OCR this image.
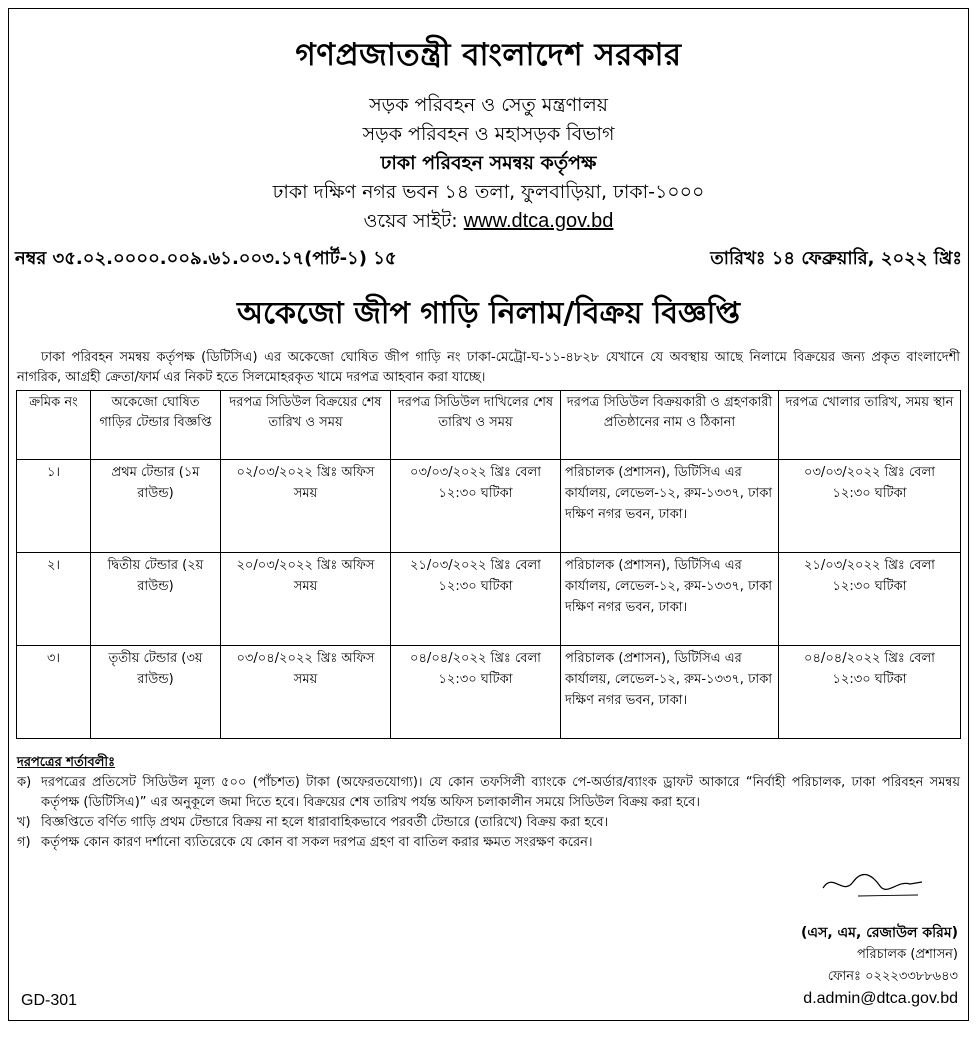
গণপ্রজাতন্ত্রী বাংলাদেশ সরকার
সড়ক পরিবহন ও সেতু মন্ত্রণালয়
সড়ক পরিবহন ও মহাসড়ক বিভাগ
ঢাকা পরিবহন সমন্বয় কর্তৃপক্ষ
ঢাকা দক্ষিণ নগর ভবন ১৪ তলা, ফুলবাড়িয়া, ঢাকা-১০০০
ওয়েব সাইট: www.dtca.gov.bd
নম্বর ৩৫.০২.০০০০.০০৯.৬১.০০৩.১৭(পার্ট-১) ১৫	তারিখঃ ১৪ ফেব্রুয়ারি, ২০২২ খ্রিঃ
অকেজো জীপ গাড়ি নিলাম/বিক্রয় বিজ্ঞপ্তি
ঢাকা পরিবহন সমন্বয় কর্তৃপক্ষ (ডিটিসিএ) এর অকেজো ঘোষিত জীপ গাড়ি নং ঢাকা-মেট্রো-ঘ-১১-৪৮২৮ যেখানে যে অবস্থায় আছে নিলামে বিক্রয়ের জন্য প্রকৃত বাংলাদেশী নাগরিক, আগ্রহী ক্রেতা/ফার্ম এর নিকট হতে সিলমোহরকৃত খামে দরপত্র আহবান করা যাচ্ছে।
ক্রমিক নং	অকেজো ঘোষিত গাড়ির টেন্ডার বিজ্ঞপ্তি	দরপত্র সিডিউল বিক্রয়ের শেষ তারিখ ও সময়	দরপত্র সিডিউল দাখিলের শেষ তারিখ ও সময়	দরপত্র সিডিউল বিক্রয়কারী ও গ্রহণকারী প্রতিষ্ঠানের নাম ও ঠিকানা	দরপত্র খোলার তারিখ, সময় স্থান
১।	প্রথম টেন্ডার (১ম রাউন্ড)	০২/০৩/২০২২ খ্রিঃ অফিস সময়	০৩/০৩/২০২২ খ্রিঃ বেলা ১২:৩০ ঘটিকা	পরিচালক (প্রশাসন), ডিটিসিএ এর কার্যালয়, লেভেল-১২, রুম-১৩৩৭, ঢাকা দক্ষিণ নগর ভবন, ঢাকা।	০৩/০৩/২০২২ খ্রিঃ বেলা ১২:৩০ ঘটিকা
২।	দ্বিতীয় টেন্ডার (২য় রাউন্ড)	২০/০৩/২০২২ খ্রিঃ অফিস সময়	২১/০৩/২০২২ খ্রিঃ বেলা ১২:৩০ ঘটিকা	পরিচালক (প্রশাসন), ডিটিসিএ এর কার্যালয়, লেভেল-১২, রুম-১৩৩৭, ঢাকা দক্ষিণ নগর ভবন, ঢাকা।	২১/০৩/২০২২ খ্রিঃ বেলা ১২:৩০ ঘটিকা
৩।	তৃতীয় টেন্ডার (৩য় রাউন্ড)	০৩/০৪/২০২২ খ্রিঃ অফিস সময়	০৪/০৪/২০২২ খ্রিঃ বেলা ১২:৩০ ঘটিকা	পরিচালক (প্রশাসন), ডিটিসিএ এর কার্যালয়, লেভেল-১২, রুম-১৩৩৭, ঢাকা দক্ষিণ নগর ভবন, ঢাকা।	০৪/০৪/২০২২ খ্রিঃ বেলা ১২:৩০ ঘটিকা
দরপত্রের শর্তাবলীঃ
ক) দরপত্রের প্রতিসেট সিডিউল মূল্য ৫০০ (পাঁচশত) টাকা (অফেরতযোগ্য)। যে কোন তফসিলী ব্যাংকে পে-অর্ডার/ব্যাংক ড্রাফট আকারে “নির্বাহী পরিচালক, ঢাকা পরিবহন সমন্বয় কর্তৃপক্ষ (ডিটিসিএ)” এর অনুকূলে জমা দিতে হবে। বিক্রয়ের শেষ তারিখ পর্যন্ত অফিস চলাকালীন সময়ে সিডিউল বিক্রয় করা হবে।
খ) বিজ্ঞপ্তিতে বর্ণিত গাড়ি প্রথম টেন্ডারে বিক্রয় না হলে ধারাবাহিকভাবে পরবর্তী টেন্ডারে (তারিখে) বিক্রয় করা হবে।
গ) কর্তৃপক্ষ কোন কারণ দর্শানো ব্যতিরেকে যে কোন বা সকল দরপত্র গ্রহণ বা বাতিল করার ক্ষমত সংরক্ষণ করেন।
(এস, এম, রেজাউল করিম)
পরিচালক (প্রশাসন)
ফোনঃ ০২২২৩৩৮৮৬৪৩
d.admin@dtca.gov.bd
GD-301
